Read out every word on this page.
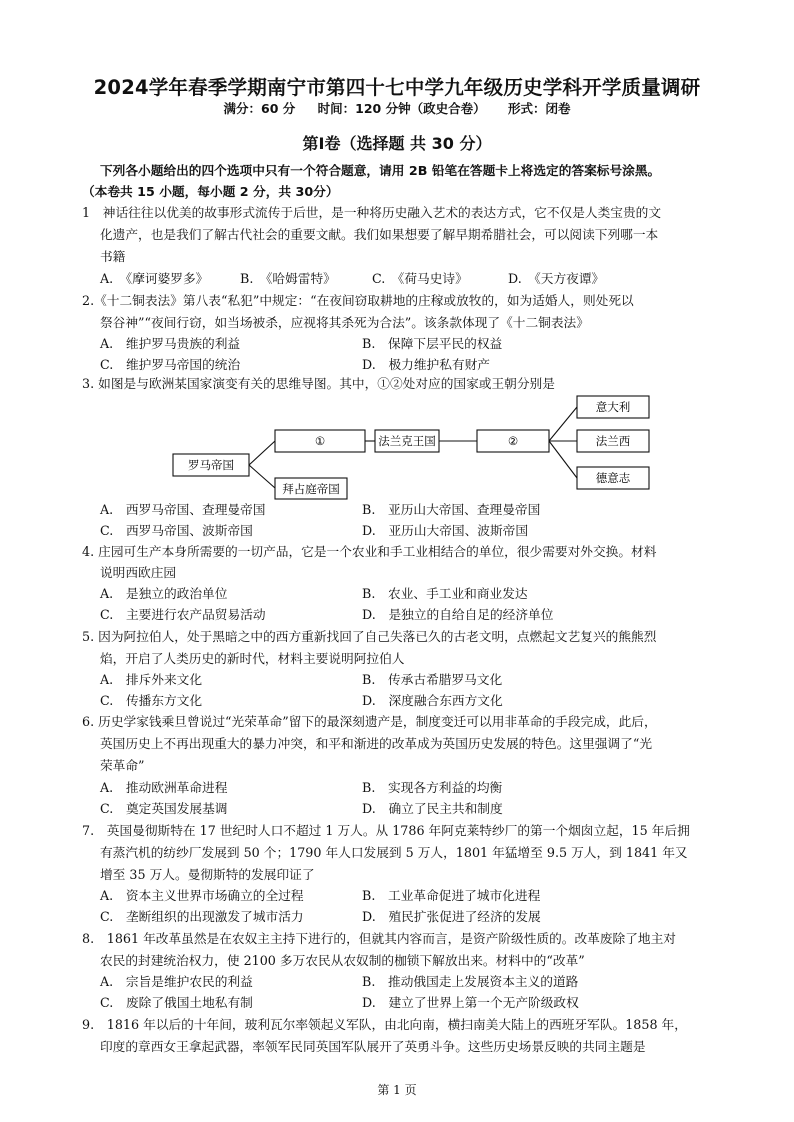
2024学年春季学期南宁市第四十七中学九年级历史学科开学质量调研
满分：60 分 时间：120 分钟（政史合卷） 形式：闭卷
第Ⅰ卷（选择题 共 30 分）
下列各小题给出的四个选项中只有一个符合题意，请用 2B 铅笔在答题卡上将选定的答案标号涂黑。
（本卷共 15 小题，每小题 2 分，共 30分）
1　神话往往以优美的故事形式流传于后世，是一种将历史融入艺术的表达方式，它不仅是人类宝贵的文
化遗产，也是我们了解古代社会的重要文献。我们如果想要了解早期希腊社会，可以阅读下列哪一本
书籍
A.　《摩诃婆罗多》 B.　《哈姆雷特》	C.　《荷马史诗》	D.　《天方夜谭》
2.《十二铜表法》第八表“私犯”中规定：“在夜间窃取耕地的庄稼或放牧的，如为适婚人，则处死以
祭谷神”“夜间行窃，如当场被杀，应视将其杀死为合法”。该条款体现了《十二铜表法》
A.　维护罗马贵族的利益	B.　保障下层平民的权益
C.　维护罗马帝国的统治	D.　极力维护私有财产
3. 如图是与欧洲某国家演变有关的思维导图。其中，①②处对应的国家或王朝分别是
罗马帝国
①
拜占庭帝国
法兰克王国	②
意大利
法兰西
德意志
A.　西罗马帝国、查理曼帝国	B.　亚历山大帝国、查理曼帝国
C.　西罗马帝国、波斯帝国	D.　亚历山大帝国、波斯帝国
4. 庄园可生产本身所需要的一切产品，它是一个农业和手工业相结合的单位，很少需要对外交换。材料
说明西欧庄园
A.　是独立的政治单位	B.　农业、手工业和商业发达
C.　主要进行农产品贸易活动	D.　是独立的自给自足的经济单位
5. 因为阿拉伯人，处于黑暗之中的西方重新找回了自己失落已久的古老文明，点燃起文艺复兴的熊熊烈
焰，开启了人类历史的新时代，材料主要说明阿拉伯人
A.　排斥外来文化	B.　传承古希腊罗马文化
C.　传播东方文化	D.　深度融合东西方文化
6. 历史学家钱乘旦曾说过“光荣革命”留下的最深刻遗产是，制度变迁可以用非革命的手段完成，此后，
英国历史上不再出现重大的暴力冲突，和平和渐进的改革成为英国历史发展的特色。这里强调了“光
荣革命”
A.　推动欧洲革命进程	B.　实现各方利益的均衡
C.　奠定英国发展基调	D.　确立了民主共和制度
7.　英国曼彻斯特在 17 世纪时人口不超过 1 万人。从 1786 年阿克莱特纱厂的第一个烟囱立起，15 年后拥
有蒸汽机的纺纱厂发展到 50 个；1790 年人口发展到 5 万人，1801 年猛增至 9.5 万人，到 1841 年又
增至 35 万人。曼彻斯特的发展印证了
A.　资本主义世界市场确立的全过程	B.　工业革命促进了城市化进程
C.　垄断组织的出现激发了城市活力	D.　殖民扩张促进了经济的发展
8.　1861 年改革虽然是在农奴主主持下进行的，但就其内容而言，是资产阶级性质的。改革废除了地主对
农民的封建统治权力，使 2100 多万农民从农奴制的枷锁下解放出来。材料中的“改革”
A.　宗旨是维护农民的利益	B.　推动俄国走上发展资本主义的道路
C.　废除了俄国土地私有制	D.　建立了世界上第一个无产阶级政权
9.　1816 年以后的十年间，玻利瓦尔率领起义军队，由北向南，横扫南美大陆上的西班牙军队。1858 年，
印度的章西女王拿起武器，率领军民同英国军队展开了英勇斗争。这些历史场景反映的共同主题是
第 1 页
